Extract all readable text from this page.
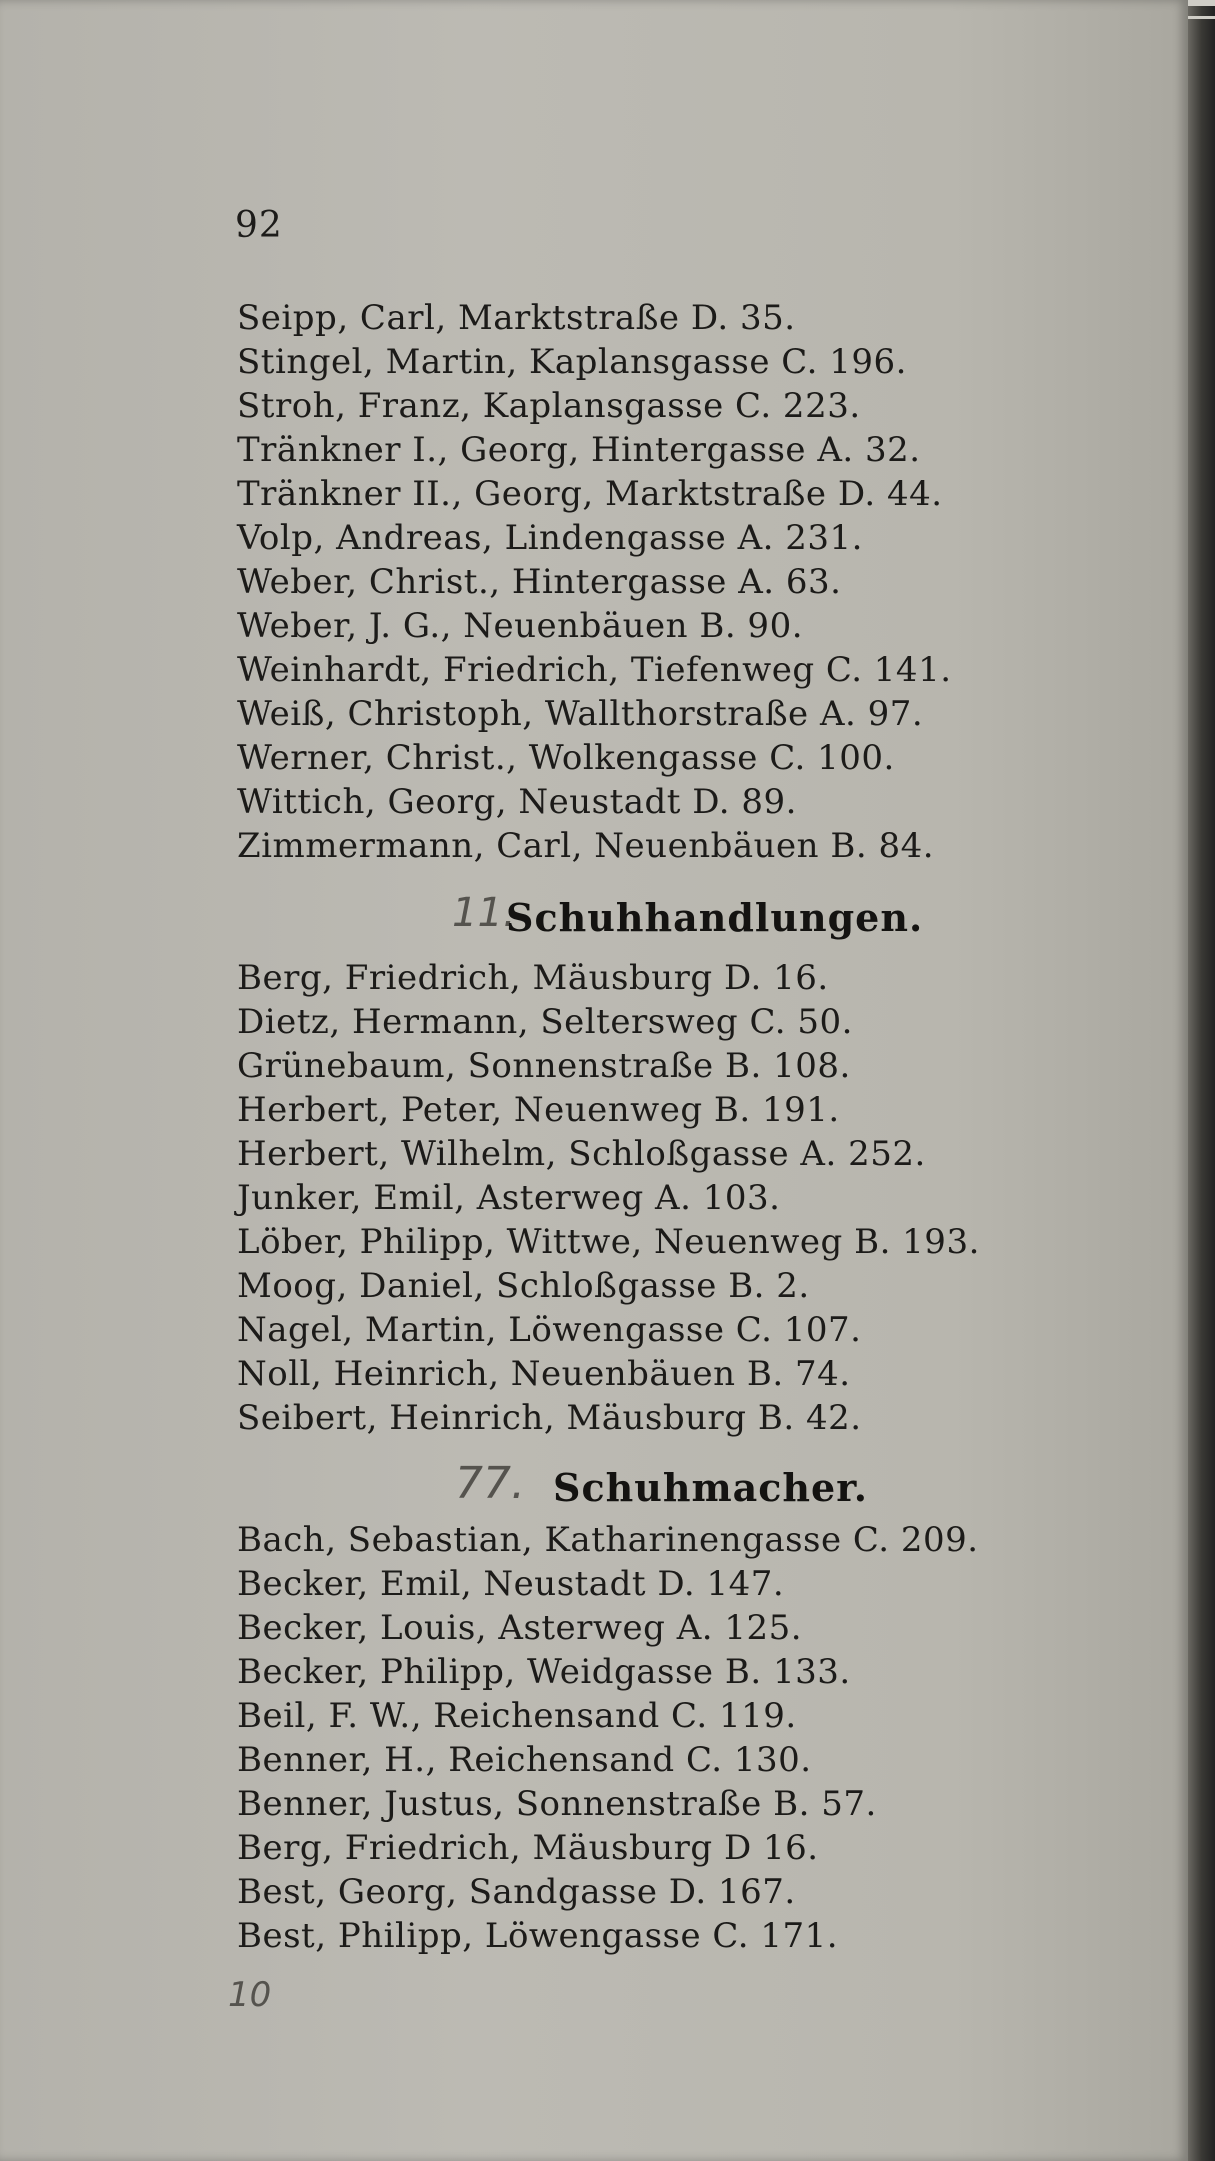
92
Seipp, Carl, Marktstraße D. 35.
Stingel, Martin, Kaplansgasse C. 196.
Stroh, Franz, Kaplansgasse C. 223.
Tränkner I., Georg, Hintergasse A. 32.
Tränkner II., Georg, Marktstraße D. 44.
Volp, Andreas, Lindengasse A. 231.
Weber, Christ., Hintergasse A. 63.
Weber, J. G., Neuenbäuen B. 90.
Weinhardt, Friedrich, Tiefenweg C. 141.
Weiß, Christoph, Wallthorstraße A. 97.
Werner, Christ., Wolkengasse C. 100.
Wittich, Georg, Neustadt D. 89.
Zimmermann, Carl, Neuenbäuen B. 84.
11.
Schuhhandlungen.
Berg, Friedrich, Mäusburg D. 16.
Dietz, Hermann, Seltersweg C. 50.
Grünebaum, Sonnenstraße B. 108.
Herbert, Peter, Neuenweg B. 191.
Herbert, Wilhelm, Schloßgasse A. 252.
Junker, Emil, Asterweg A. 103.
Löber, Philipp, Wittwe, Neuenweg B. 193.
Moog, Daniel, Schloßgasse B. 2.
Nagel, Martin, Löwengasse C. 107.
Noll, Heinrich, Neuenbäuen B. 74.
Seibert, Heinrich, Mäusburg B. 42.
77. Schuhmacher.
Bach, Sebastian, Katharinengasse C. 209.
Becker, Emil, Neustadt D. 147.
Becker, Louis, Asterweg A. 125.
Becker, Philipp, Weidgasse B. 133.
Beil, F. W., Reichensand C. 119.
Benner, H., Reichensand C. 130.
Benner, Justus, Sonnenstraße B. 57.
Berg, Friedrich, Mäusburg D 16.
Best, Georg, Sandgasse D. 167.
Best, Philipp, Löwengasse C. 171.
10
